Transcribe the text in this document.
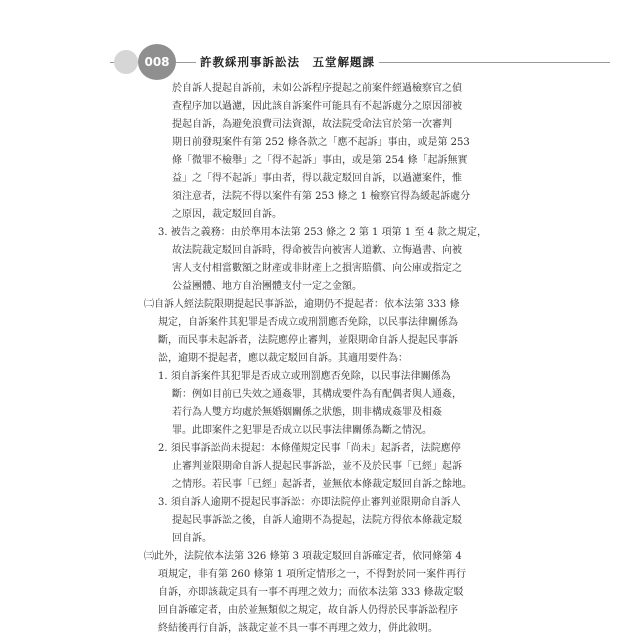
008	許教綵刑事訴訟法　五堂解題課
於自訴人提起自訴前，未如公訴程序提起之前案件經過檢察官之偵
查程序加以過濾，因此該自訴案件可能具有不起訴處分之原因卻被
提起自訴，為避免浪費司法資源，故法院受命法官於第一次審判
期日前發現案件有第 252 條各款之「應不起訴」事由，或是第 253
條「微罪不檢舉」之「得不起訴」事由，或是第 254 條「起訴無實
益」之「得不起訴」事由者，得以裁定駁回自訴，以過濾案件，惟
須注意者，法院不得以案件有第 253 條之 1 檢察官得為緩起訴處分
之原因，裁定駁回自訴。
3. 被告之義務：由於準用本法第 253 條之 2 第 1 項第 1 至 4 款之規定，
故法院裁定駁回自訴時，得命被告向被害人道歉、立悔過書、向被
害人支付相當數額之財產或非財產上之損害賠償、向公庫或指定之
公益團體、地方自治團體支付一定之金額。
㈡自訴人經法院限期提起民事訴訟，逾期仍不提起者：依本法第 333 條
規定，自訴案件其犯罪是否成立或刑罰應否免除，以民事法律關係為
斷，而民事未起訴者，法院應停止審判，並限期命自訴人提起民事訴
訟，逾期不提起者，應以裁定駁回自訴。其適用要件為：
1. 須自訴案件其犯罪是否成立或刑罰應否免除，以民事法律關係為
斷：例如目前已失效之通姦罪，其構成要件為有配偶者與人通姦，
若行為人雙方均處於無婚姻關係之狀態，則非構成姦罪及相姦
罪。此即案件之犯罪是否成立以民事法律關係為斷之情況。
2. 須民事訴訟尚未提起：本條僅規定民事「尚未」起訴者，法院應停
止審判並限期命自訴人提起民事訴訟，並不及於民事「已經」起訴
之情形。若民事「已經」起訴者，並無依本條裁定駁回自訴之餘地。
3. 須自訴人逾期不提起民事訴訟：亦即法院停止審判並限期命自訴人
提起民事訴訟之後，自訴人逾期不為提起，法院方得依本條裁定駁
回自訴。
㈢此外，法院依本法第 326 條第 3 項裁定駁回自訴確定者，依同條第 4
項規定，非有第 260 條第 1 項所定情形之一，不得對於同一案件再行
自訴，亦即該裁定具有一事不再理之效力；而依本法第 333 條裁定駁
回自訴確定者，由於並無類似之規定，故自訴人仍得於民事訴訟程序
終結後再行自訴，該裁定並不具一事不再理之效力，併此敘明。
